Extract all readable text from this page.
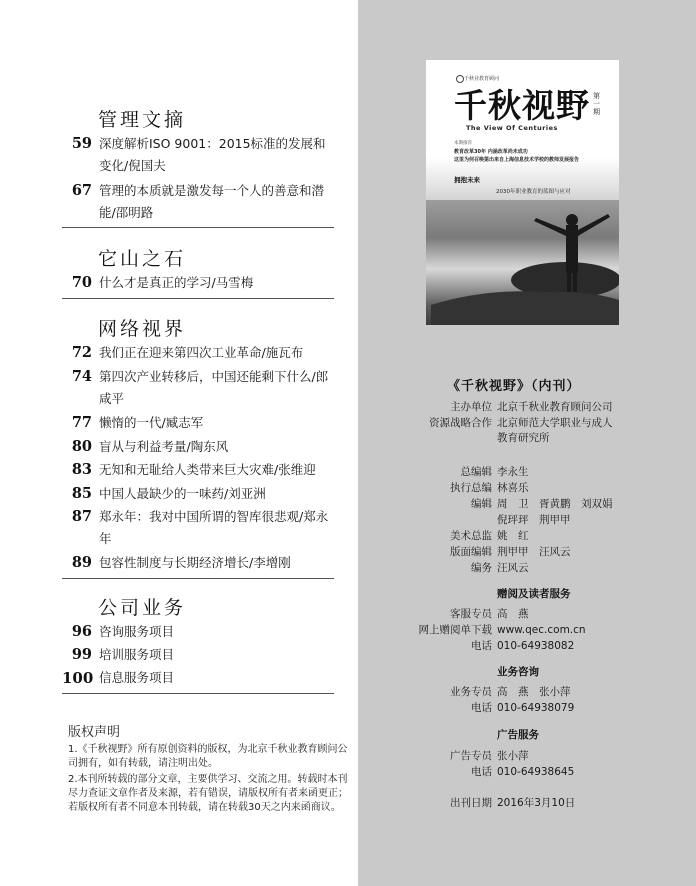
管理文摘
59 深度解析ISO 9001：2015标准的发展和变化/倪国夫
67 管理的本质就是激发每一个人的善意和潜能/邵明路
它山之石
70 什么才是真正的学习/马雪梅
网络视界
72 我们正在迎来第四次工业革命/施瓦布
74 第四次产业转移后，中国还能剩下什么/郎咸平
77 懒惰的一代/臧志军
80 盲从与利益考量/陶东风
83 无知和无耻给人类带来巨大灾难/张维迎
85 中国人最缺少的一味药/刘亚洲
87 郑永年：我对中国所谓的智库很悲观/郑永年
89 包容性制度与长期经济增长/李增刚
公司业务
96 咨询服务项目
99 培训服务项目
100 信息服务项目
版权声明
1.《千秋视野》所有原创资料的版权，为北京千秋业教育顾问公司拥有，如有转载，请注明出处。
2.本刊所转载的部分文章，主要供学习、交流之用。转载时本刊尽力查证文章作者及来源，若有错误，请版权所有者来函更正；若版权所有者不同意本刊转载，请在转载30天之内来函商议。
千秋业教育顾问
千秋视野 第一期
The View Of Centuries
本期推荐
教育改革30年 内涵改革尚未成功
这里为何召唤第出来自上海信息技术学校的教师发展报告
拥抱未来
2030年职业教育的蓝图与应对
《千秋视野》（内刊）
主办单位 北京千秋业教育顾问公司
资源战略合作 北京师范大学职业与成人
教育研究所
总编辑 李永生
执行总编 林喜乐
编辑 周　卫　胥黄鹏　刘双娟
倪玶玶　荆甲甲
美术总监 姚　红
版面编辑 荆甲甲　汪风云
编务 汪风云
赠阅及读者服务
客服专员 高　燕
网上赠阅单下载 www.qec.com.cn
电话 010-64938082
业务咨询
业务专员 高　燕　张小萍
电话 010-64938079
广告服务
广告专员 张小萍
电话 010-64938645
出刊日期 2016年3月10日
